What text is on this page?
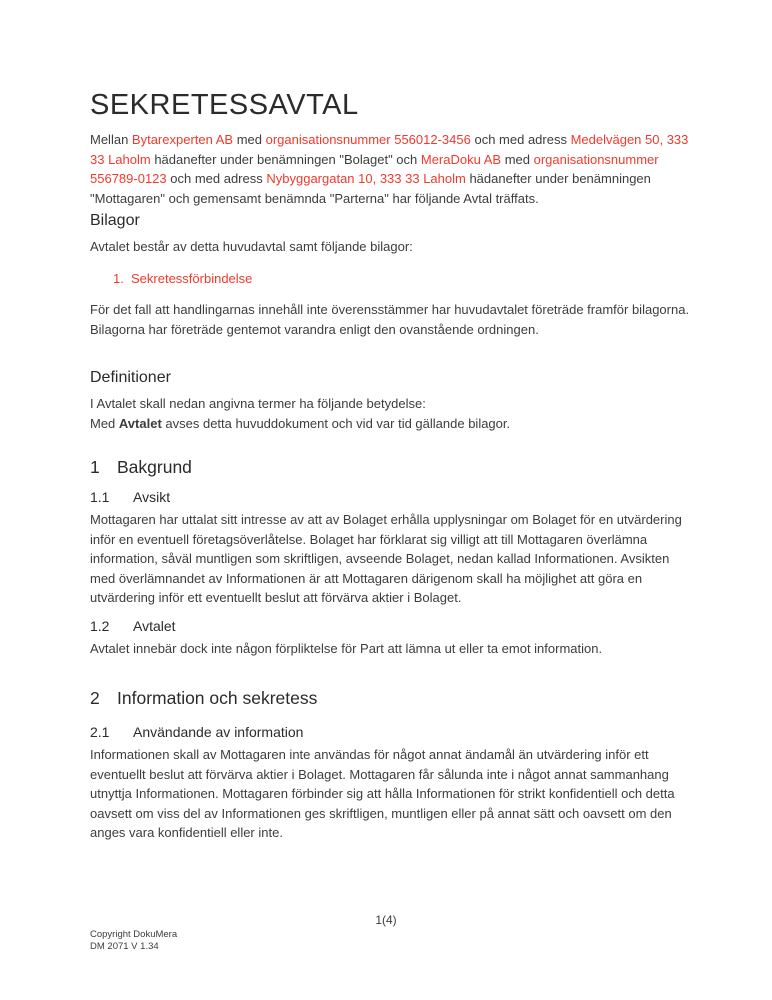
SEKRETESSAVTAL

Mellan Bytarexperten AB med organisationsnummer 556012-3456 och med adress Medelvägen 50, 333 33 Laholm hädanefter under benämningen "Bolaget" och MeraDoku AB med organisationsnummer 556789-0123 och med adress Nybyggargatan 10, 333 33 Laholm hädanefter under benämningen "Mottagaren" och gemensamt benämnda "Parterna" har följande Avtal träffats.

Bilagor

Avtalet består av detta huvudavtal samt följande bilagor:

1. Sekretessförbindelse

För det fall att handlingarnas innehåll inte överensstämmer har huvudavtalet företräde framför bilagorna. Bilagorna har företräde gentemot varandra enligt den ovanstående ordningen.

Definitioner

I Avtalet skall nedan angivna termer ha följande betydelse:

Med Avtalet avses detta huvuddokument och vid var tid gällande bilagor.

1 Bakgrund
1.1	Avsikt

Mottagaren har uttalat sitt intresse av att av Bolaget erhålla upplysningar om Bolaget för en utvärdering inför en eventuell företagsöverlåtelse. Bolaget har förklarat sig villigt att till Mottagaren överlämna information, såväl muntligen som skriftligen, avseende Bolaget, nedan kallad Informationen. Avsikten med överlämnandet av Informationen är att Mottagaren därigenom skall ha möjlighet att göra en utvärdering inför ett eventuellt beslut att förvärva aktier i Bolaget.

1.2	Avtalet

Avtalet innebär dock inte någon förpliktelse för Part att lämna ut eller ta emot information.

2 Information och sekretess
2.1	Användande av information

Informationen skall av Mottagaren inte användas för något annat ändamål än utvärdering inför ett eventuellt beslut att förvärva aktier i Bolaget. Mottagaren får sålunda inte i något annat sammanhang utnyttja Informationen. Mottagaren förbinder sig att hålla Informationen för strikt konfidentiell och detta oavsett om viss del av Informationen ges skriftligen, muntligen eller på annat sätt och oavsett om den anges vara konfidentiell eller inte.

1(4)
Copyright DokuMera
DM 2071 V 1.34
